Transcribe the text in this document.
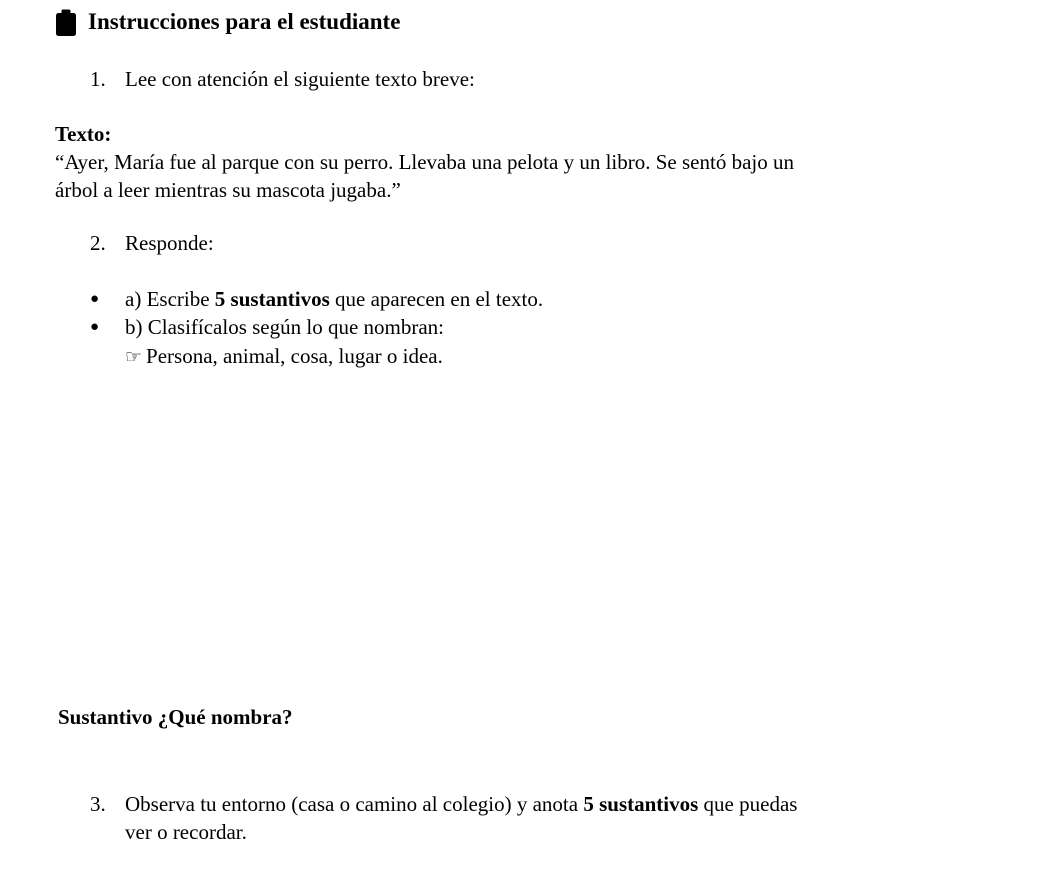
Instrucciones para el estudiante
1. Lee con atención el siguiente texto breve:
Texto:
“Ayer, María fue al parque con su perro. Llevaba una pelota y un libro. Se sentó bajo un
árbol a leer mientras su mascota jugaba.”
2. Responde:
●	a) Escribe 5 sustantivos que aparecen en el texto.
●	b) Clasifícalos según lo que nombran:
☞ Persona, animal, cosa, lugar o idea.
Sustantivo ¿Qué nombra?
3. Observa tu entorno (casa o camino al colegio) y anota 5 sustantivos que puedas
ver o recordar.
